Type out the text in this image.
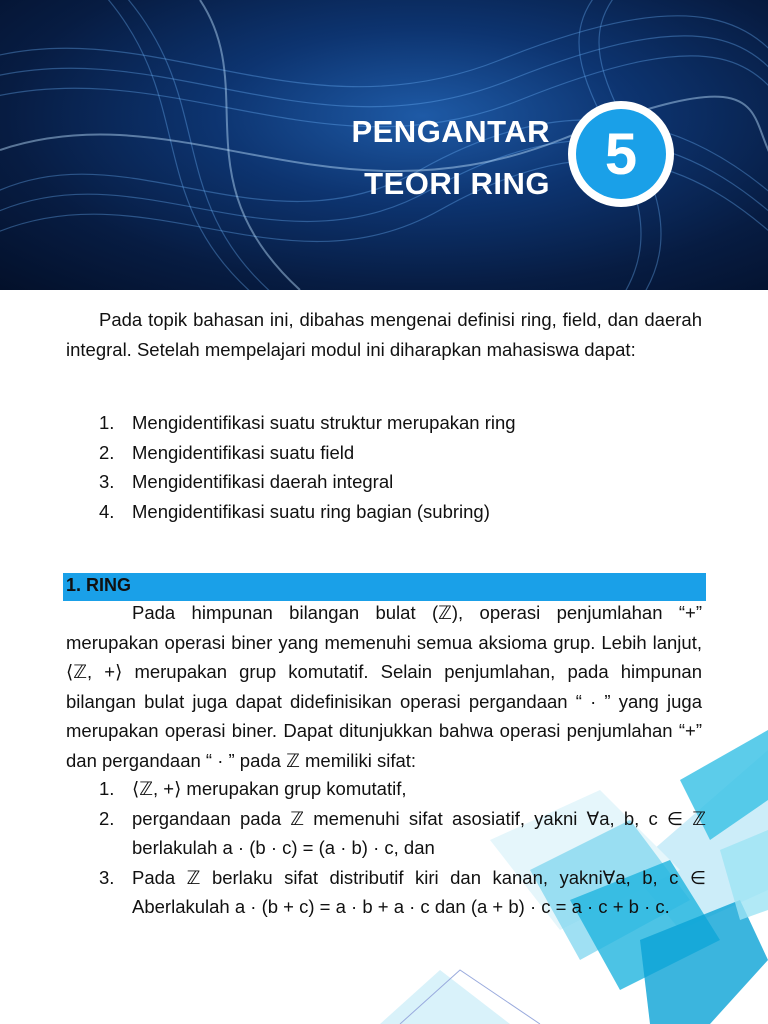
PENGANTAR
TEORI RING 5
Pada topik bahasan ini, dibahas mengenai definisi ring, field, dan daerah integral. Setelah mempelajari modul ini diharapkan mahasiswa dapat:
1. Mengidentifikasi suatu struktur merupakan ring
2. Mengidentifikasi suatu field
3. Mengidentifikasi daerah integral
4. Mengidentifikasi suatu ring bagian (subring)
1. RING
Pada himpunan bilangan bulat (ℤ), operasi penjumlahan “+” merupakan operasi biner yang memenuhi semua aksioma grup. Lebih lanjut, ⟨ℤ, +⟩ merupakan grup komutatif. Selain penjumlahan, pada himpunan bilangan bulat juga dapat didefinisikan operasi pergandaan “ · ” yang juga merupakan operasi biner. Dapat ditunjukkan bahwa operasi penjumlahan “+” dan pergandaan “ · ” pada ℤ memiliki sifat:
1. ⟨ℤ, +⟩ merupakan grup komutatif,
2. pergandaan pada ℤ memenuhi sifat asosiatif, yakni ∀a, b, c ∈ ℤ berlakulah a · (b · c) = (a · b) · c, dan
3. Pada ℤ berlaku sifat distributif kiri dan kanan, yakni∀a, b, c ∈ Aberlakulah a · (b + c) = a · b + a · c dan (a + b) · c = a · c + b · c.
